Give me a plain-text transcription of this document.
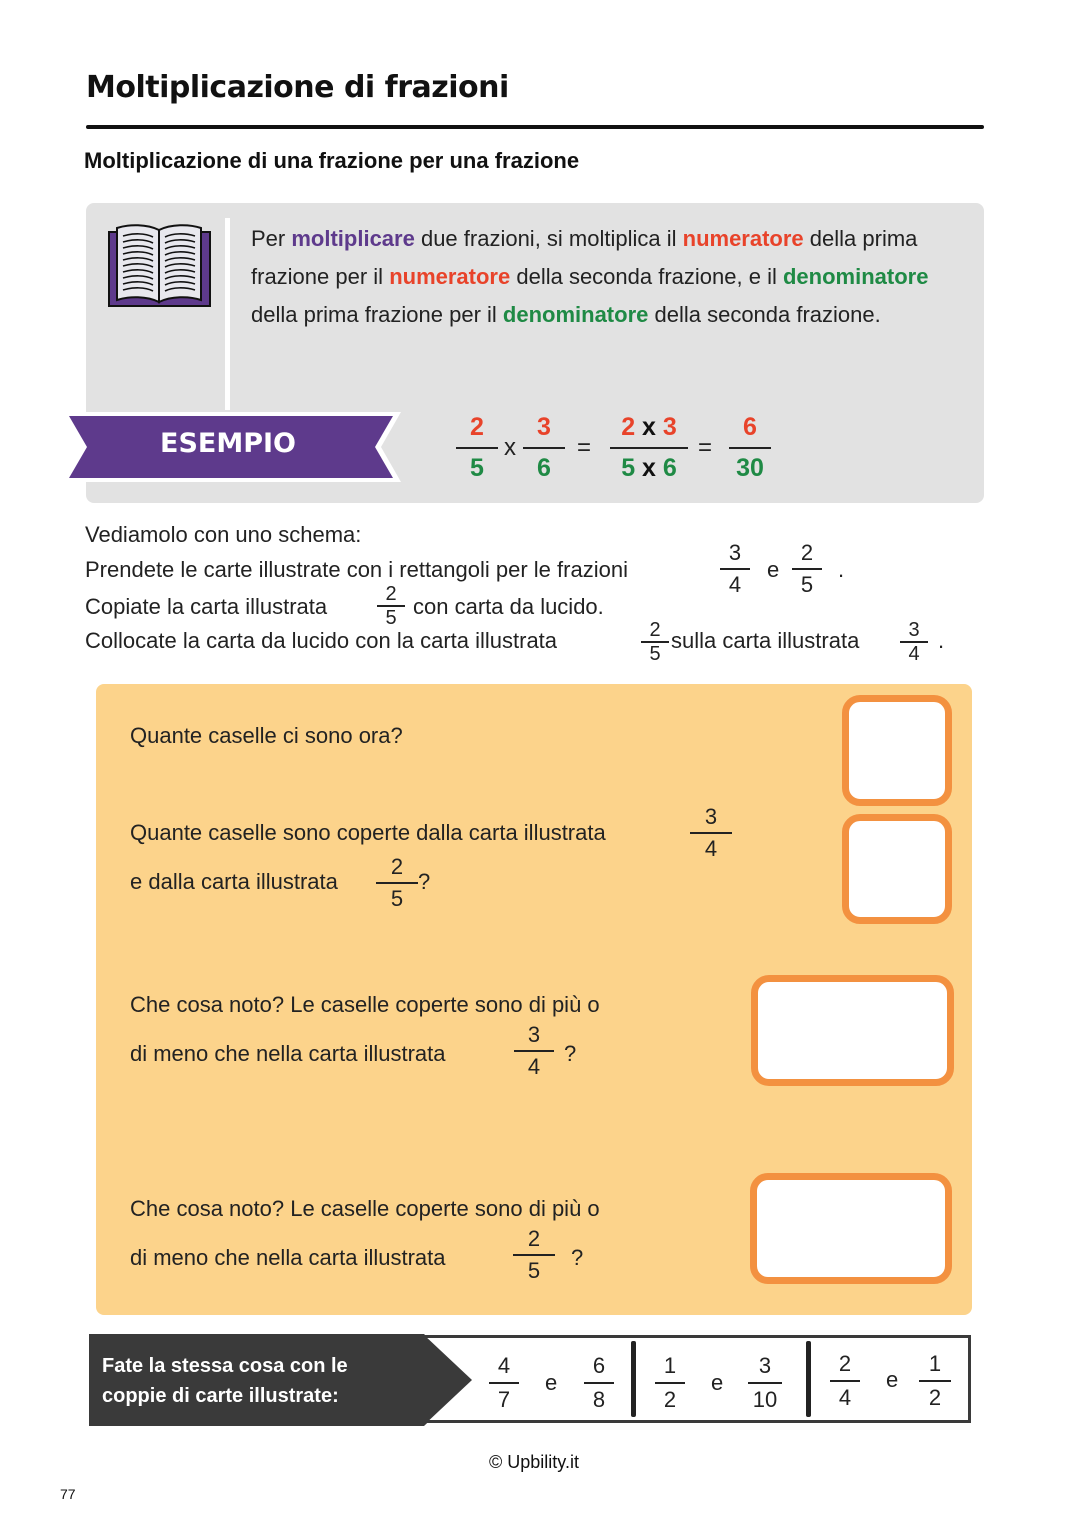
Moltiplicazione di frazioni
Moltiplicazione di una frazione per una frazione
Per moltiplicare due frazioni, si moltiplica il numeratore della prima frazione per il numeratore della seconda frazione, e il denominatore della prima frazione per il denominatore della seconda frazione.
ESEMPIO
2
5
x
3
6
=
2 x 3
5 x 6
=
6
30
Vediamolo con uno schema:
Prendete le carte illustrate con i rettangoli per le frazioni
3
4
e
2
5
.
Copiate la carta illustrata	2
5 con carta da lucido.
Collocate la carta da lucido con la carta illustrata	2
5
sulla carta illustrata 3
4
.
Quante caselle ci sono ora?
Quante caselle sono coperte dalla carta illustrata
3
4
e dalla carta illustrata
2
5
?
Che cosa noto? Le caselle coperte sono di più o
di meno che nella carta illustrata
3
4 ?
Che cosa noto? Le caselle coperte sono di più o
di meno che nella carta illustrata
2
5 ?
Fate la stessa cosa con le
coppie di carte illustrate:
4
7
e
6
8
1
2
e
3
10
2
4
e
1
2
© Upbility.it
77
